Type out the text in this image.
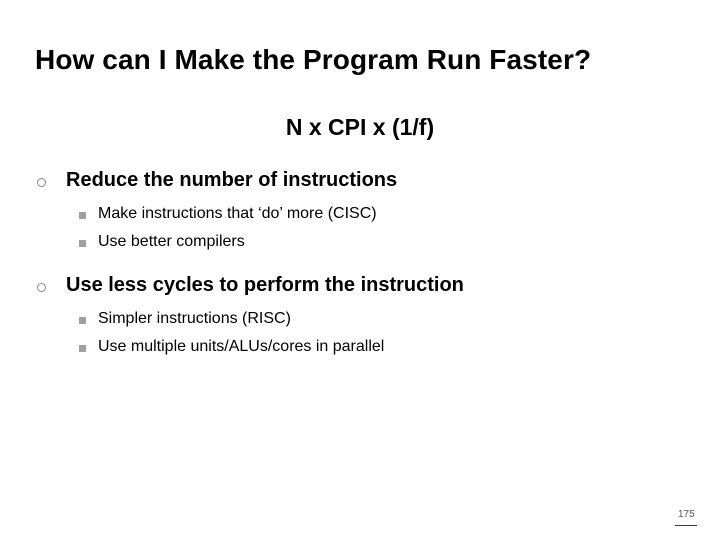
How can I Make the Program Run Faster?
N x CPI x (1/f)
Reduce the number of instructions
Make instructions that ‘do’ more (CISC)
Use better compilers
Use less cycles to perform the instruction
Simpler instructions (RISC)
Use multiple units/ALUs/cores in parallel
175
